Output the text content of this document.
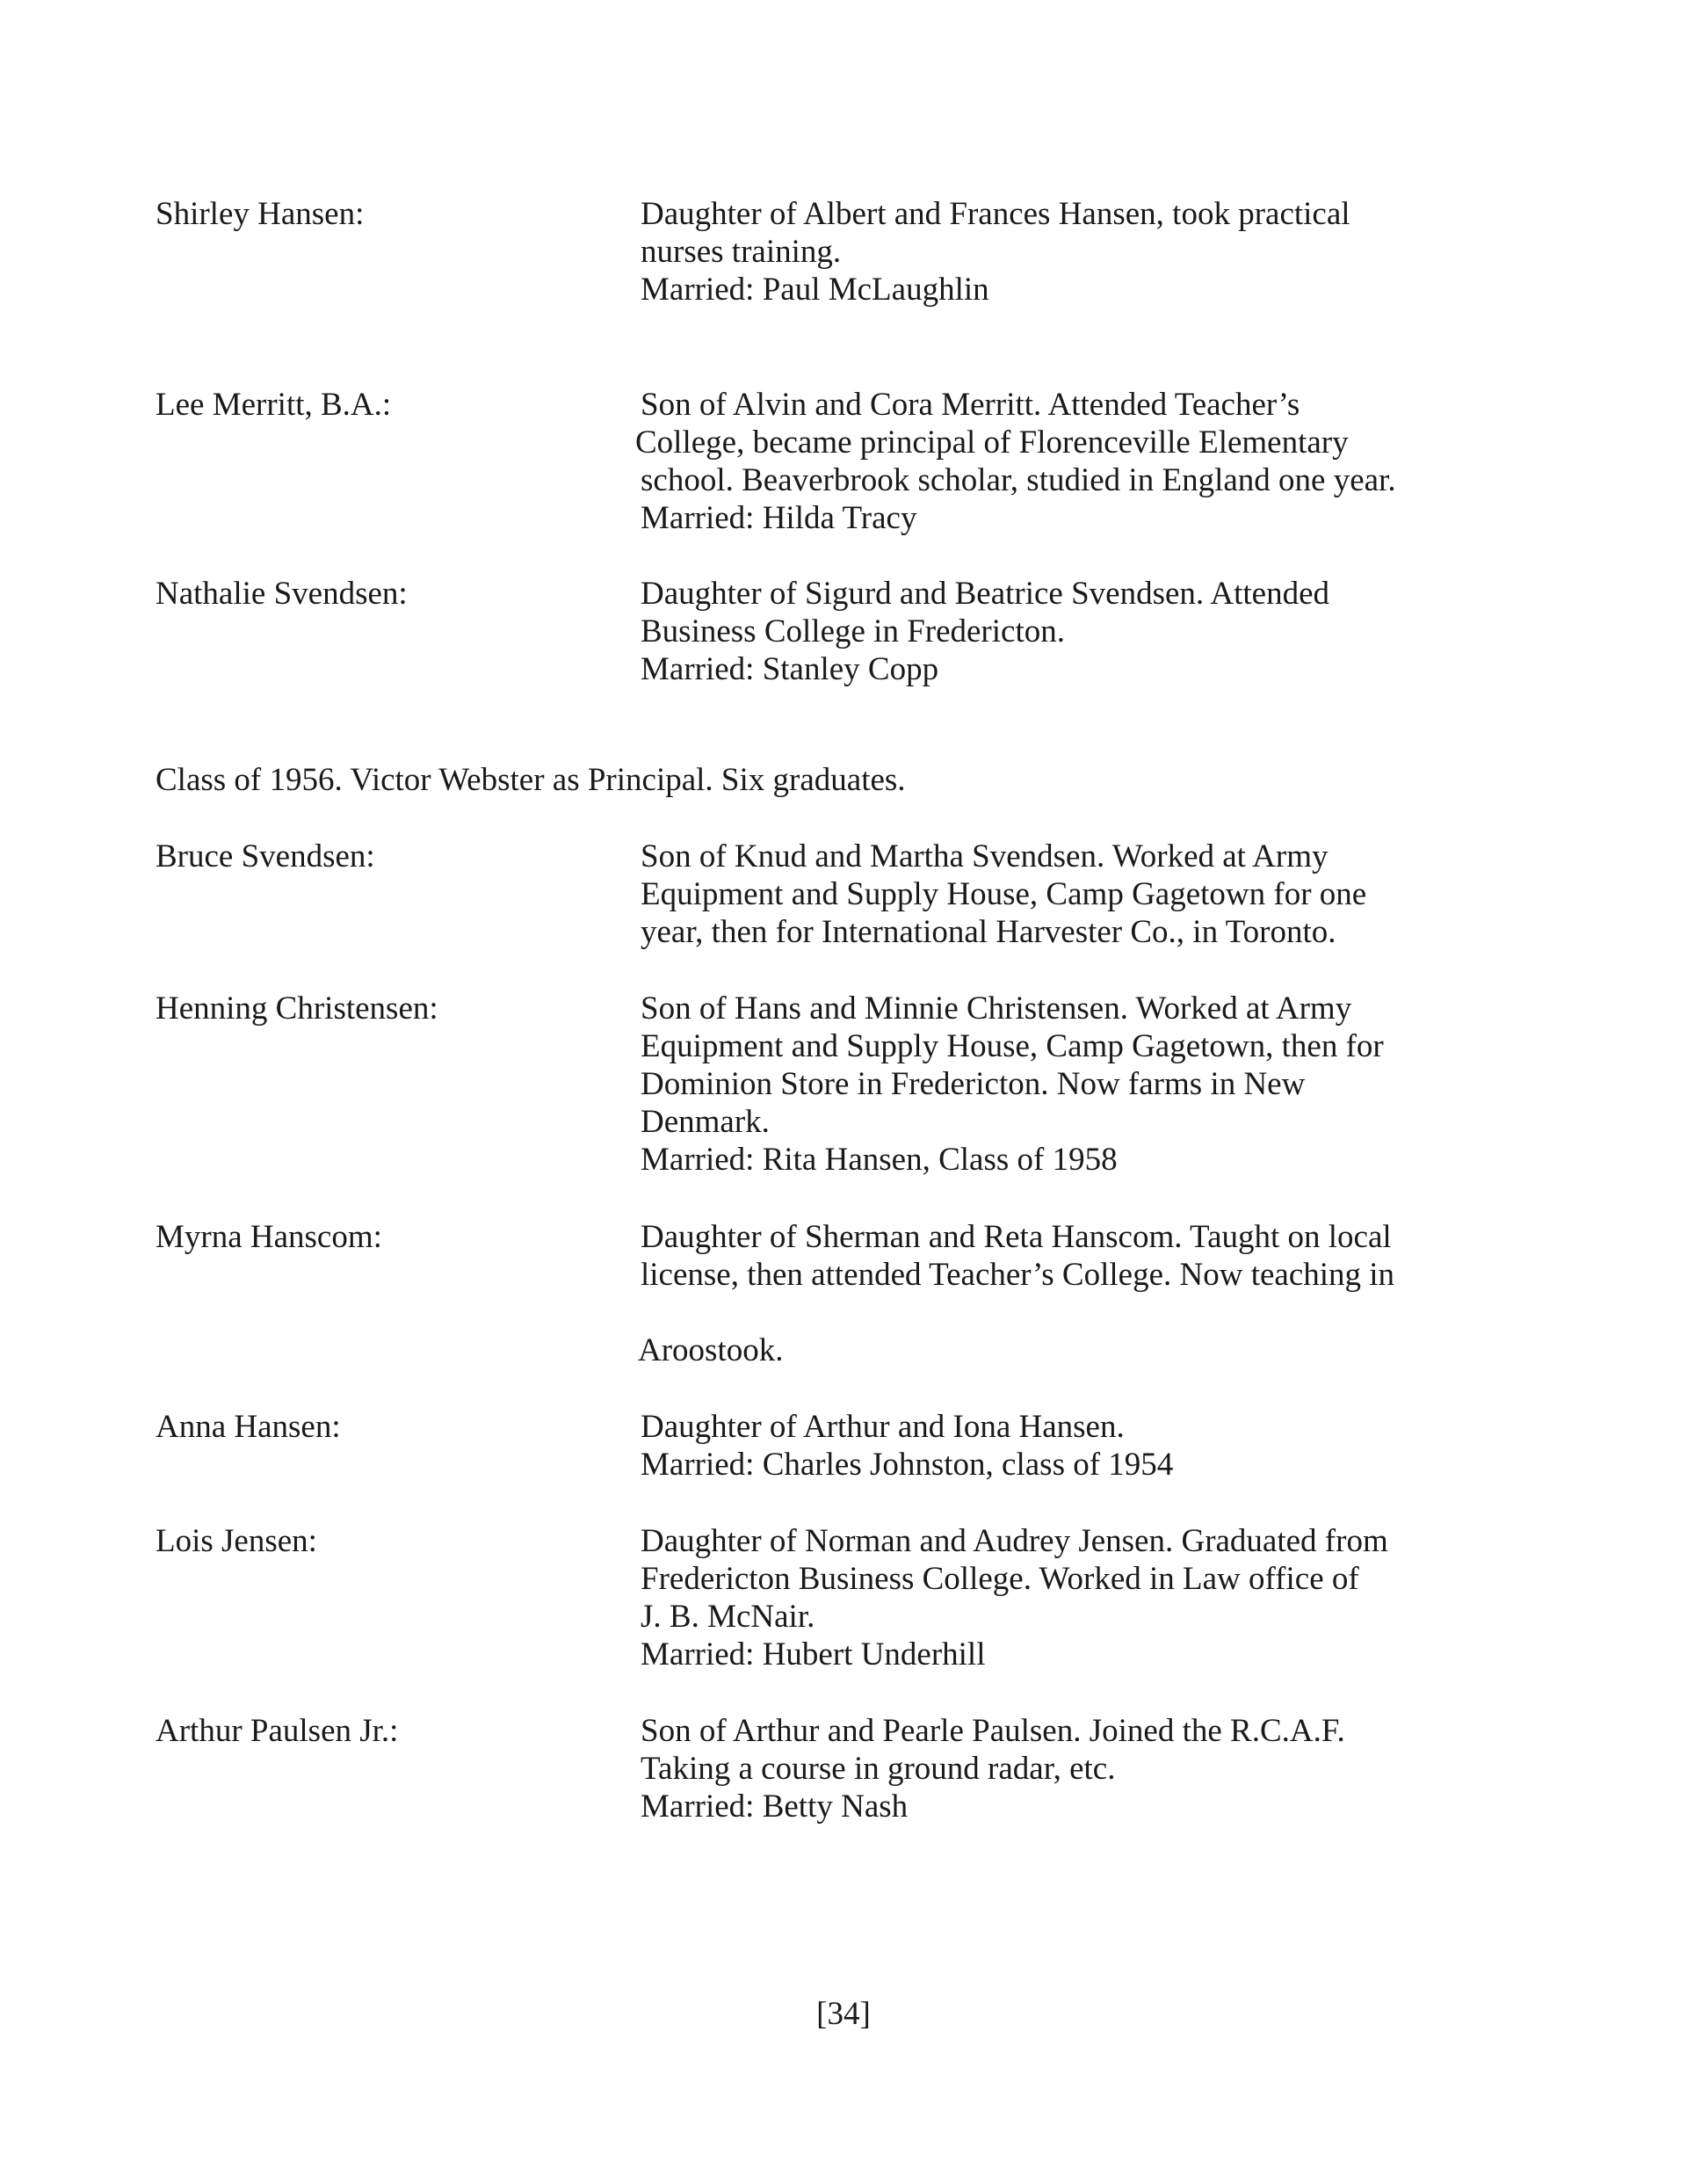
Shirley Hansen:	Daughter of Albert and Frances Hansen, took practical
nurses training.
Married: Paul McLaughlin
Lee Merritt, B.A.:	Son of Alvin and Cora Merritt. Attended Teacher’s
College, became principal of Florenceville Elementary
school. Beaverbrook scholar, studied in England one year.
Married: Hilda Tracy
Nathalie Svendsen:	Daughter of Sigurd and Beatrice Svendsen. Attended
Business College in Fredericton.
Married: Stanley Copp
Class of 1956. Victor Webster as Principal. Six graduates.
Bruce Svendsen:	Son of Knud and Martha Svendsen. Worked at Army
Equipment and Supply House, Camp Gagetown for one
year, then for International Harvester Co., in Toronto.
Henning Christensen:	Son of Hans and Minnie Christensen. Worked at Army
Equipment and Supply House, Camp Gagetown, then for
Dominion Store in Fredericton. Now farms in New
Denmark.
Married: Rita Hansen, Class of 1958
Myrna Hanscom:	Daughter of Sherman and Reta Hanscom. Taught on local
license, then attended Teacher’s College. Now teaching in
Aroostook.
Anna Hansen:	Daughter of Arthur and Iona Hansen.
Married: Charles Johnston, class of 1954
Lois Jensen:	Daughter of Norman and Audrey Jensen. Graduated from
Fredericton Business College. Worked in Law office of
J. B. McNair.
Married: Hubert Underhill
Arthur Paulsen Jr.:	Son of Arthur and Pearle Paulsen. Joined the R.C.A.F.
Taking a course in ground radar, etc.
Married: Betty Nash
[34]
